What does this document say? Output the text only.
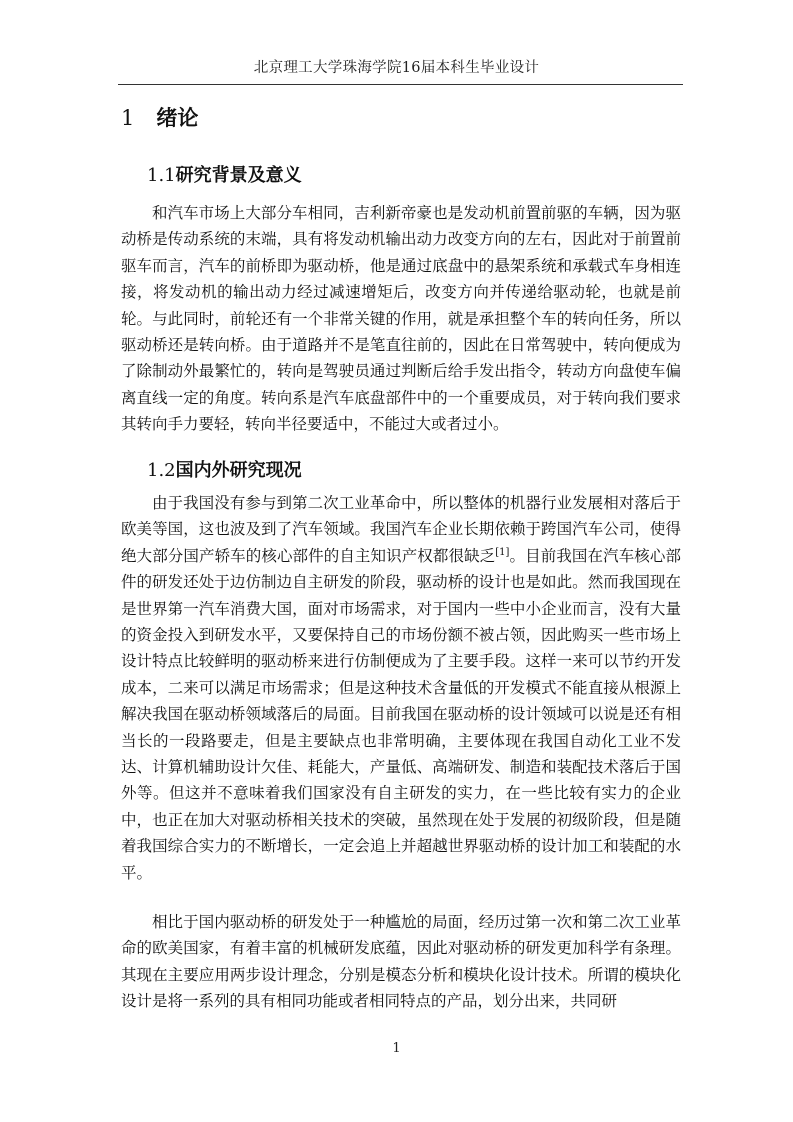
北京理工大学珠海学院16届本科生毕业设计
1 绪论
1.1研究背景及意义

和汽车市场上大部分车相同，吉利新帝豪也是发动机前置前驱的车辆，因为驱动桥是传动系统的末端，具有将发动机输出动力改变方向的左右，因此对于前置前驱车而言，汽车的前桥即为驱动桥，他是通过底盘中的悬架系统和承载式车身相连接，将发动机的输出动力经过减速增矩后，改变方向并传递给驱动轮，也就是前轮。与此同时，前轮还有一个非常关键的作用，就是承担整个车的转向任务，所以驱动桥还是转向桥。由于道路并不是笔直往前的，因此在日常驾驶中，转向便成为了除制动外最繁忙的，转向是驾驶员通过判断后给手发出指令，转动方向盘使车偏离直线一定的角度。转向系是汽车底盘部件中的一个重要成员，对于转向我们要求其转向手力要轻，转向半径要适中，不能过大或者过小。

1.2国内外研究现况

由于我国没有参与到第二次工业革命中，所以整体的机器行业发展相对落后于欧美等国，这也波及到了汽车领域。我国汽车企业长期依赖于跨国汽车公司，使得绝大部分国产轿车的核心部件的自主知识产权都很缺乏[1]。目前我国在汽车核心部件的研发还处于边仿制边自主研发的阶段，驱动桥的设计也是如此。然而我国现在是世界第一汽车消费大国，面对市场需求，对于国内一些中小企业而言，没有大量的资金投入到研发水平，又要保持自己的市场份额不被占领，因此购买一些市场上设计特点比较鲜明的驱动桥来进行仿制便成为了主要手段。这样一来可以节约开发成本，二来可以满足市场需求；但是这种技术含量低的开发模式不能直接从根源上解决我国在驱动桥领域落后的局面。目前我国在驱动桥的设计领域可以说是还有相当长的一段路要走，但是主要缺点也非常明确，主要体现在我国自动化工业不发达、计算机辅助设计欠佳、耗能大，产量低、高端研发、制造和装配技术落后于国外等。但这并不意味着我们国家没有自主研发的实力，在一些比较有实力的企业中，也正在加大对驱动桥相关技术的突破，虽然现在处于发展的初级阶段，但是随着我国综合实力的不断增长，一定会追上并超越世界驱动桥的设计加工和装配的水平。

相比于国内驱动桥的研发处于一种尴尬的局面，经历过第一次和第二次工业革命的欧美国家，有着丰富的机械研发底蕴，因此对驱动桥的研发更加科学有条理。其现在主要应用两步设计理念，分别是模态分析和模块化设计技术。所谓的模块化设计是将一系列的具有相同功能或者相同特点的产品，划分出来，共同研

1
